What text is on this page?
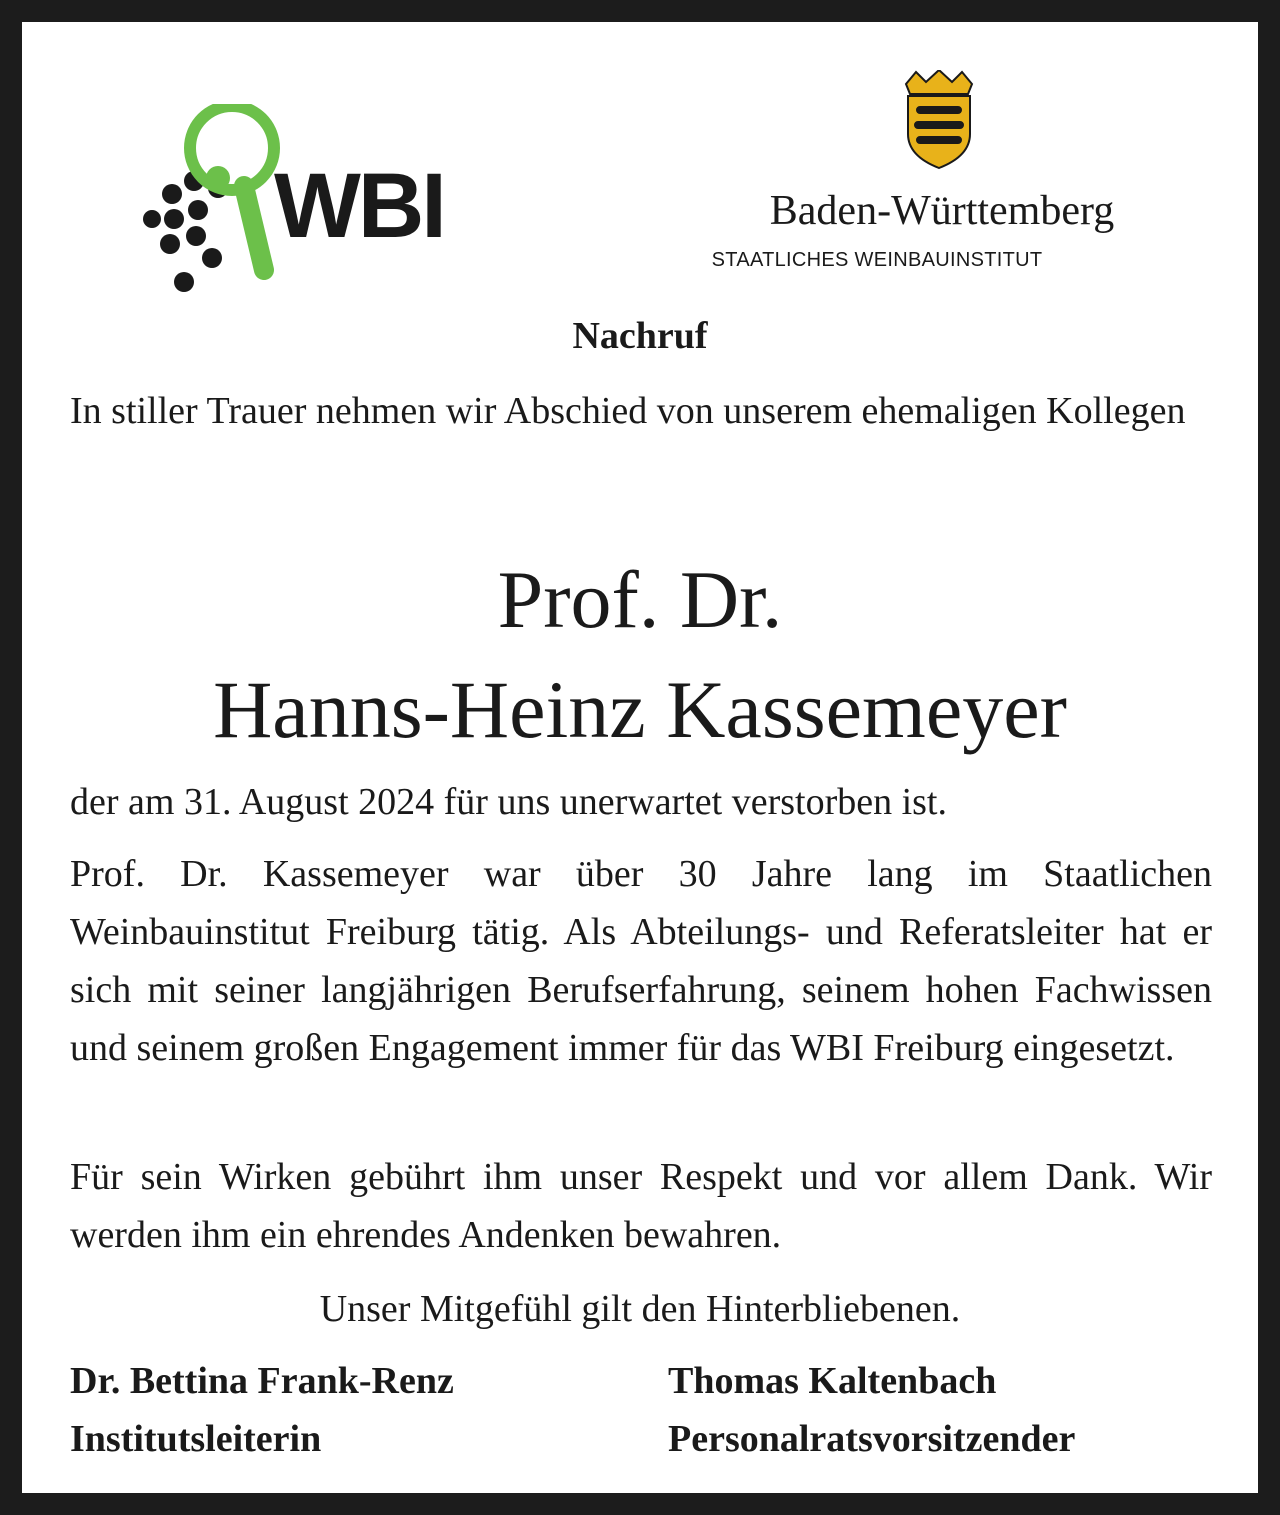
WBI	Baden-Württemberg
STAATLICHES WEINBAUINSTITUT
Nachruf
In stiller Trauer nehmen wir Abschied von unserem ehemaligen Kollegen
Prof. Dr.
Hanns-Heinz Kassemeyer
der am 31. August 2024 für uns unerwartet verstorben ist.
Prof. Dr. Kassemeyer war über 30 Jahre lang im Staatlichen Weinbauinstitut Freiburg tätig. Als Abteilungs- und Referatsleiter hat er sich mit seiner langjährigen Berufserfahrung, seinem hohen Fachwissen und seinem großen Engagement immer für das WBI Freiburg eingesetzt.
Für sein Wirken gebührt ihm unser Respekt und vor allem Dank. Wir werden ihm ein ehrendes Andenken bewahren.
Unser Mitgefühl gilt den Hinterbliebenen.
Dr. Bettina Frank-Renz
Institutsleiterin
Thomas Kaltenbach
Personalratsvorsitzender
